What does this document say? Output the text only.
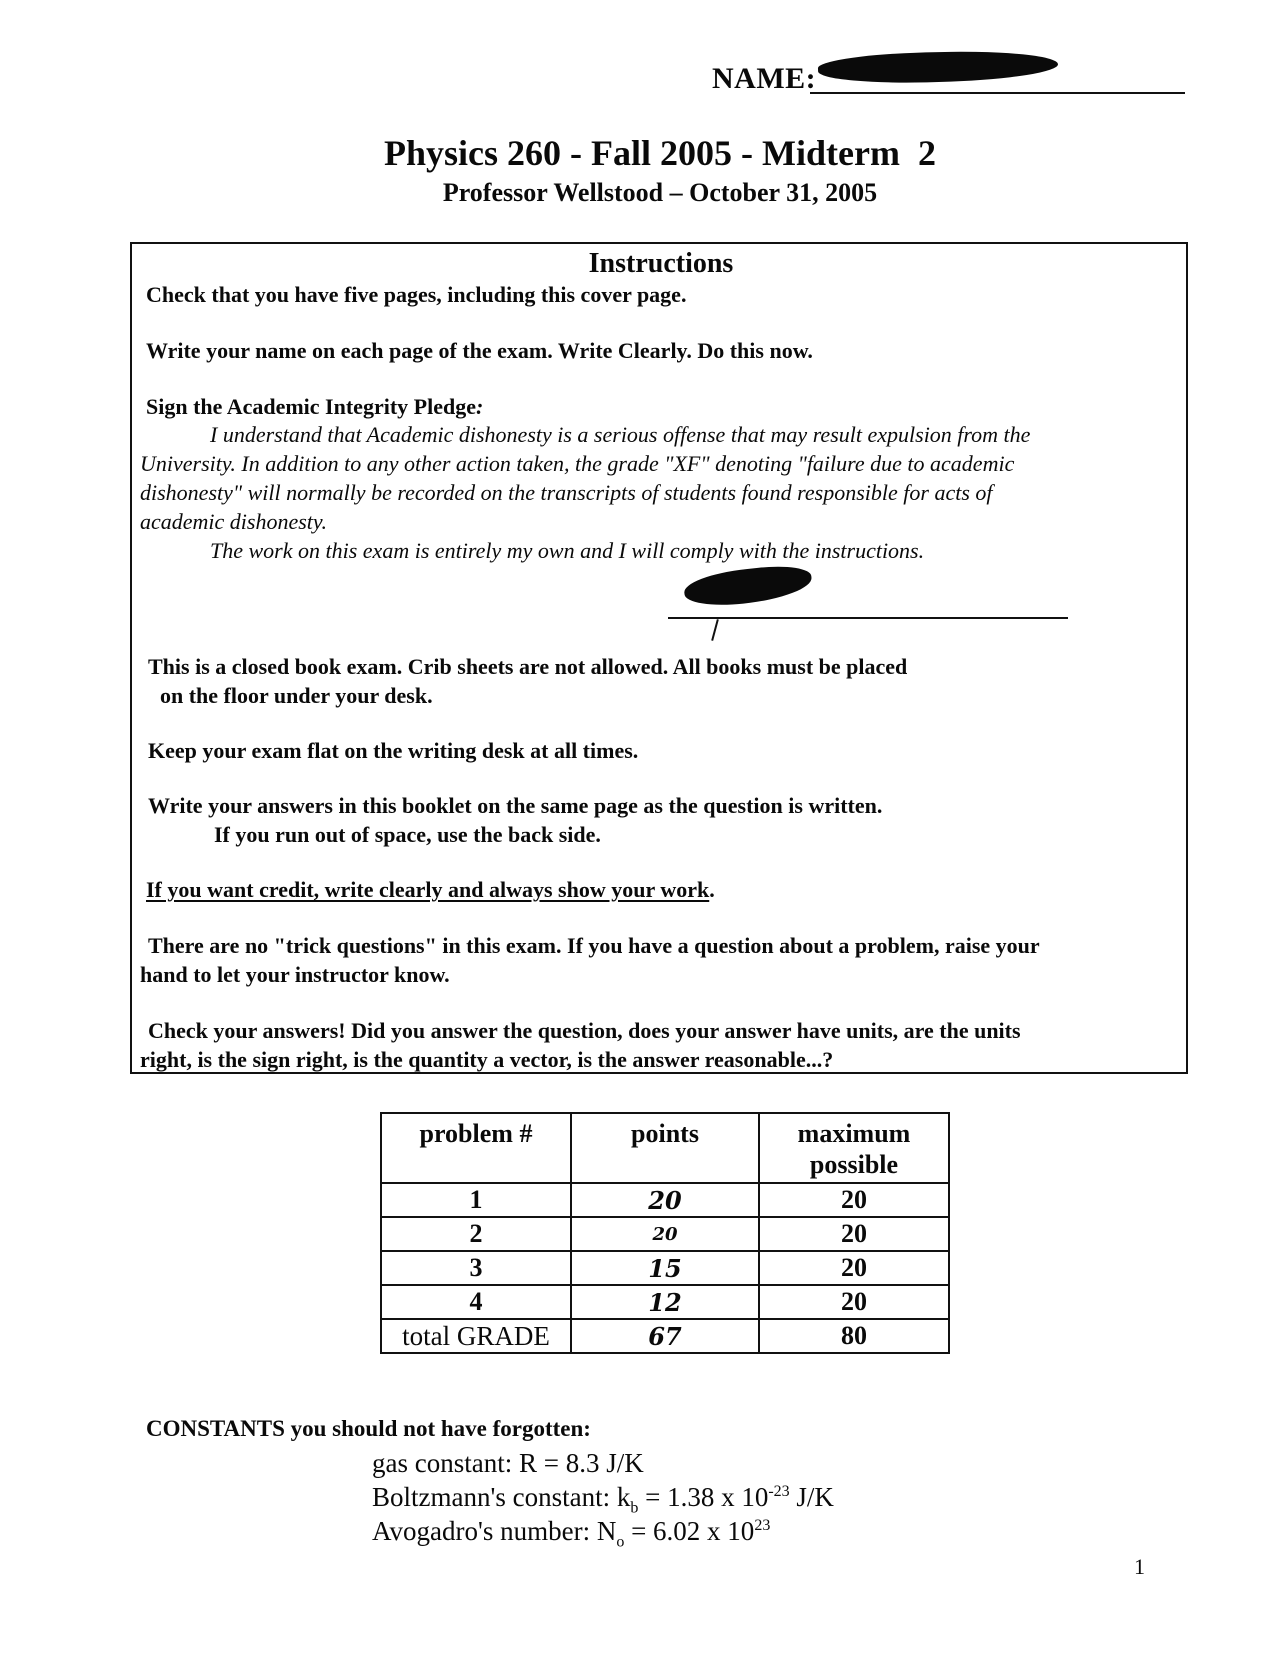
NAME:
Physics 260 - Fall 2005 - Midterm  2
Professor Wellstood – October 31, 2005
Instructions
Check that you have five pages, including this cover page.
Write your name on each page of the exam. Write Clearly. Do this now.
Sign the Academic Integrity Pledge:
I understand that Academic dishonesty is a serious offense that may result expulsion from the
University. In addition to any other action taken, the grade "XF" denoting "failure due to academic
dishonesty" will normally be recorded on the transcripts of students found responsible for acts of
academic dishonesty.
The work on this exam is entirely my own and I will comply with the instructions.
This is a closed book exam. Crib sheets are not allowed. All books must be placed
on the floor under your desk.
Keep your exam flat on the writing desk at all times.
Write your answers in this booklet on the same page as the question is written.
If you run out of space, use the back side.
If you want credit, write clearly and always show your work.
There are no "trick questions" in this exam. If you have a question about a problem, raise your
hand to let your instructor know.
Check your answers! Did you answer the question, does your answer have units, are the units
right, is the sign right, is the quantity a vector, is the answer reasonable...?
problem #	points	maximum
possible
1	20	20
2	20	20
3	15	20
4	12	20
total GRADE	67	80
CONSTANTS you should not have forgotten:
gas constant: R = 8.3 J/K
Boltzmann's constant: $k_b = 1.38$ x $10^{-23}$ J/K
Avogadro's number: $N_o = 6.02$ x $10^{23}$
1
